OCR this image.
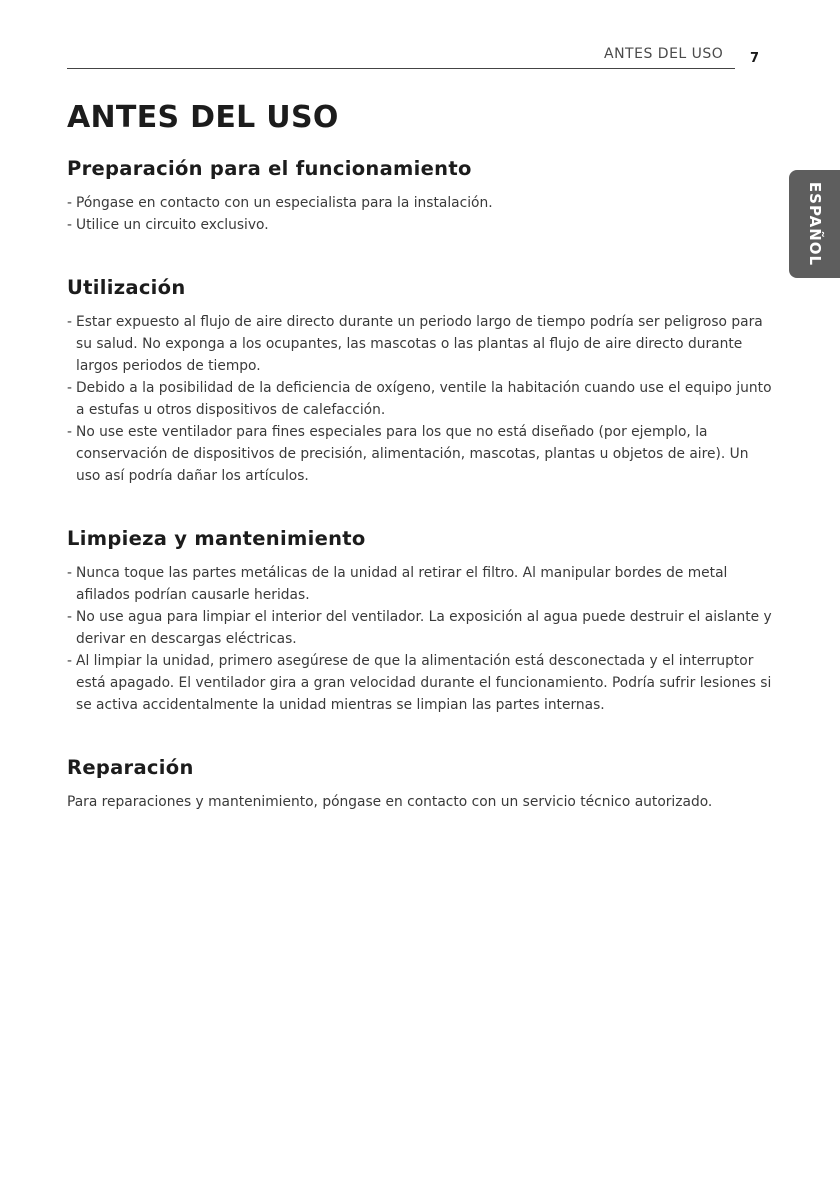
ANTES DEL USO 7
ESPAÑOL
ANTES DEL USO
Preparación para el funcionamiento
- Póngase en contacto con un especialista para la instalación.
- Utilice un circuito exclusivo.
Utilización
- Estar expuesto al flujo de aire directo durante un periodo largo de tiempo podría ser peligroso para su salud. No exponga a los ocupantes, las mascotas o las plantas al flujo de aire directo durante largos periodos de tiempo.
- Debido a la posibilidad de la deficiencia de oxígeno, ventile la habitación cuando use el equipo junto a estufas u otros dispositivos de calefacción.
- No use este ventilador para fines especiales para los que no está diseñado (por ejemplo, la conservación de dispositivos de precisión, alimentación, mascotas, plantas u objetos de aire). Un uso así podría dañar los artículos.
Limpieza y mantenimiento
- Nunca toque las partes metálicas de la unidad al retirar el filtro. Al manipular bordes de metal afilados podrían causarle heridas.
- No use agua para limpiar el interior del ventilador. La exposición al agua puede destruir el aislante y derivar en descargas eléctricas.
- Al limpiar la unidad, primero asegúrese de que la alimentación está desconectada y el interruptor está apagado. El ventilador gira a gran velocidad durante el funcionamiento. Podría sufrir lesiones si se activa accidentalmente la unidad mientras se limpian las partes internas.
Reparación

Para reparaciones y mantenimiento, póngase en contacto con un servicio técnico autorizado.
